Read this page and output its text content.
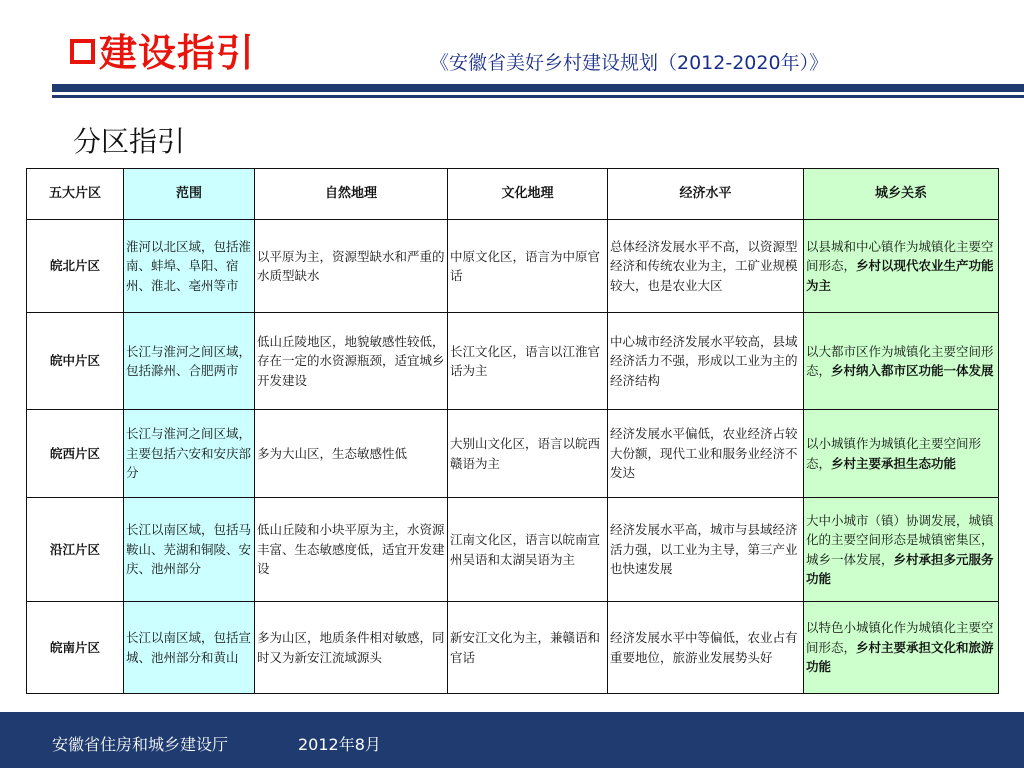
建设指引	《安徽省美好乡村建设规划（2012-2020年）》
分区指引
五大片区	范围	自然地理	文化地理	经济水平	城乡关系
皖北片区	淮河以北区域，包括淮南、蚌埠、阜阳、宿州、淮北、亳州等市	以平原为主，资源型缺水和严重的水质型缺水	中原文化区，语言为中原官话	总体经济发展水平不高，以资源型经济和传统农业为主，工矿业规模较大，也是农业大区	以县城和中心镇作为城镇化主要空间形态，乡村以现代农业生产功能为主
皖中片区	长江与淮河之间区域，包括滁州、合肥两市	低山丘陵地区，地貌敏感性较低，存在一定的水资源瓶颈，适宜城乡开发建设	长江文化区，语言以江淮官话为主	中心城市经济发展水平较高，县域经济活力不强，形成以工业为主的经济结构	以大都市区作为城镇化主要空间形态，乡村纳入都市区功能一体发展
皖西片区	长江与淮河之间区域，主要包括六安和安庆部分	多为大山区，生态敏感性低	大别山文化区，语言以皖西赣语为主	经济发展水平偏低，农业经济占较大份额，现代工业和服务业经济不发达	以小城镇作为城镇化主要空间形态，乡村主要承担生态功能
沿江片区	长江以南区域，包括马鞍山、芜湖和铜陵、安庆、池州部分	低山丘陵和小块平原为主，水资源丰富、生态敏感度低，适宜开发建设	江南文化区，语言以皖南宣州吴语和太湖吴语为主	经济发展水平高，城市与县域经济活力强，以工业为主导，第三产业也快速发展	大中小城市（镇）协调发展，城镇化的主要空间形态是城镇密集区，城乡一体发展，乡村承担多元服务功能
皖南片区	长江以南区域，包括宣城、池州部分和黄山	多为山区，地质条件相对敏感，同时又为新安江流域源头	新安江文化为主，兼赣语和官话	经济发展水平中等偏低，农业占有重要地位，旅游业发展势头好	以特色小城镇化作为城镇化主要空间形态，乡村主要承担文化和旅游功能
安徽省住房和城乡建设厅	2012年8月
